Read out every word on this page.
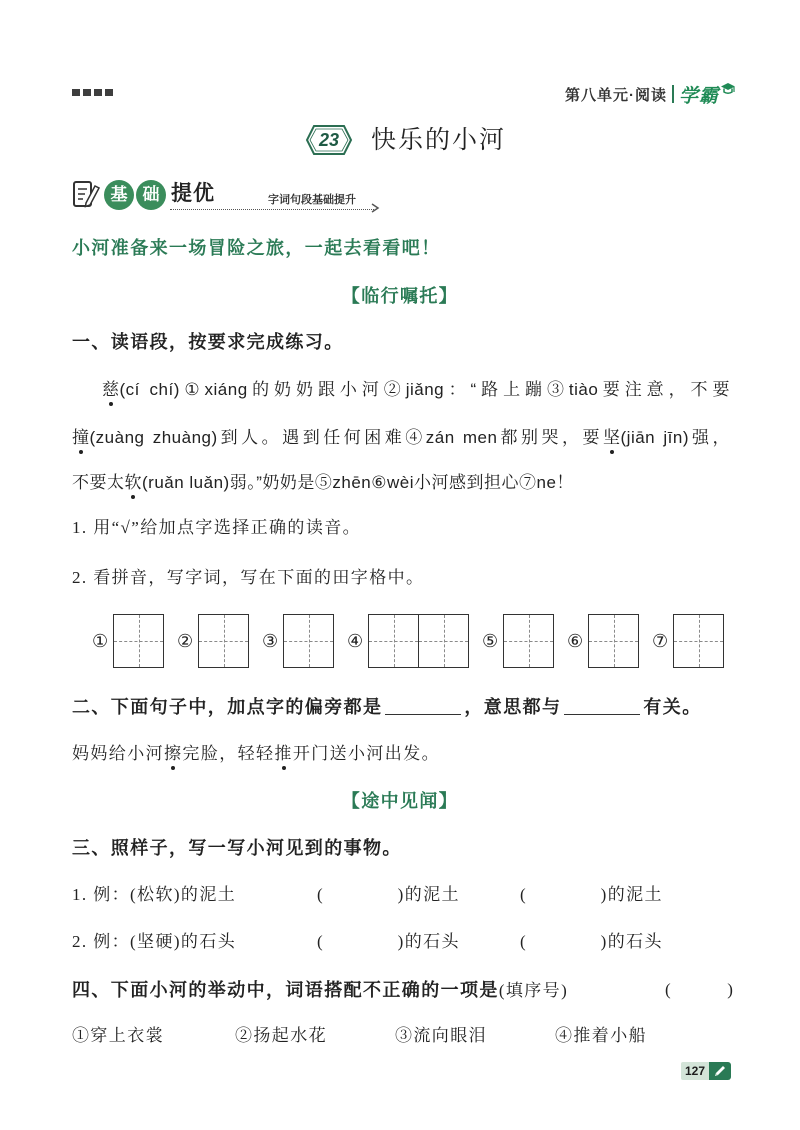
第八单元·阅读 学霸
23	快乐的小河
基 础 提优	字词句段基础提升
小河准备来一场冒险之旅，一起去看看吧！
【临行嘱托】
一、读语段，按要求完成练习。
慈(cí chí)①xiáng的奶奶跟小河②jiǎng：“路上蹦③tiào要注意，不要
撞(zuàng zhuàng)到人。遇到任何困难④zán men都别哭，要坚(jiān jīn)强，
不要太软(ruǎn luǎn)弱。”奶奶是⑤zhēn⑥wèi小河感到担心⑦ne！
1. 用“√”给加点字选择正确的读音。
2. 看拼音，写字词，写在下面的田字格中。
①	②	③	④	⑤	⑥	⑦
二、下面句子中，加点字的偏旁都是	，意思都与	有关。
妈妈给小河擦完脸，轻轻推开门送小河出发。
【途中见闻】
三、照样子，写一写小河见到的事物。
1. 例：(松软)的泥土	(　　　　)的泥土	(　　　　)的泥土
2. 例：(坚硬)的石头	(　　　　)的石头	(　　　　)的石头
四、下面小河的举动中，词语搭配不正确的一项是(填序号)	(　　　)
①穿上衣裳	②扬起水花	③流向眼泪	④推着小船
127
